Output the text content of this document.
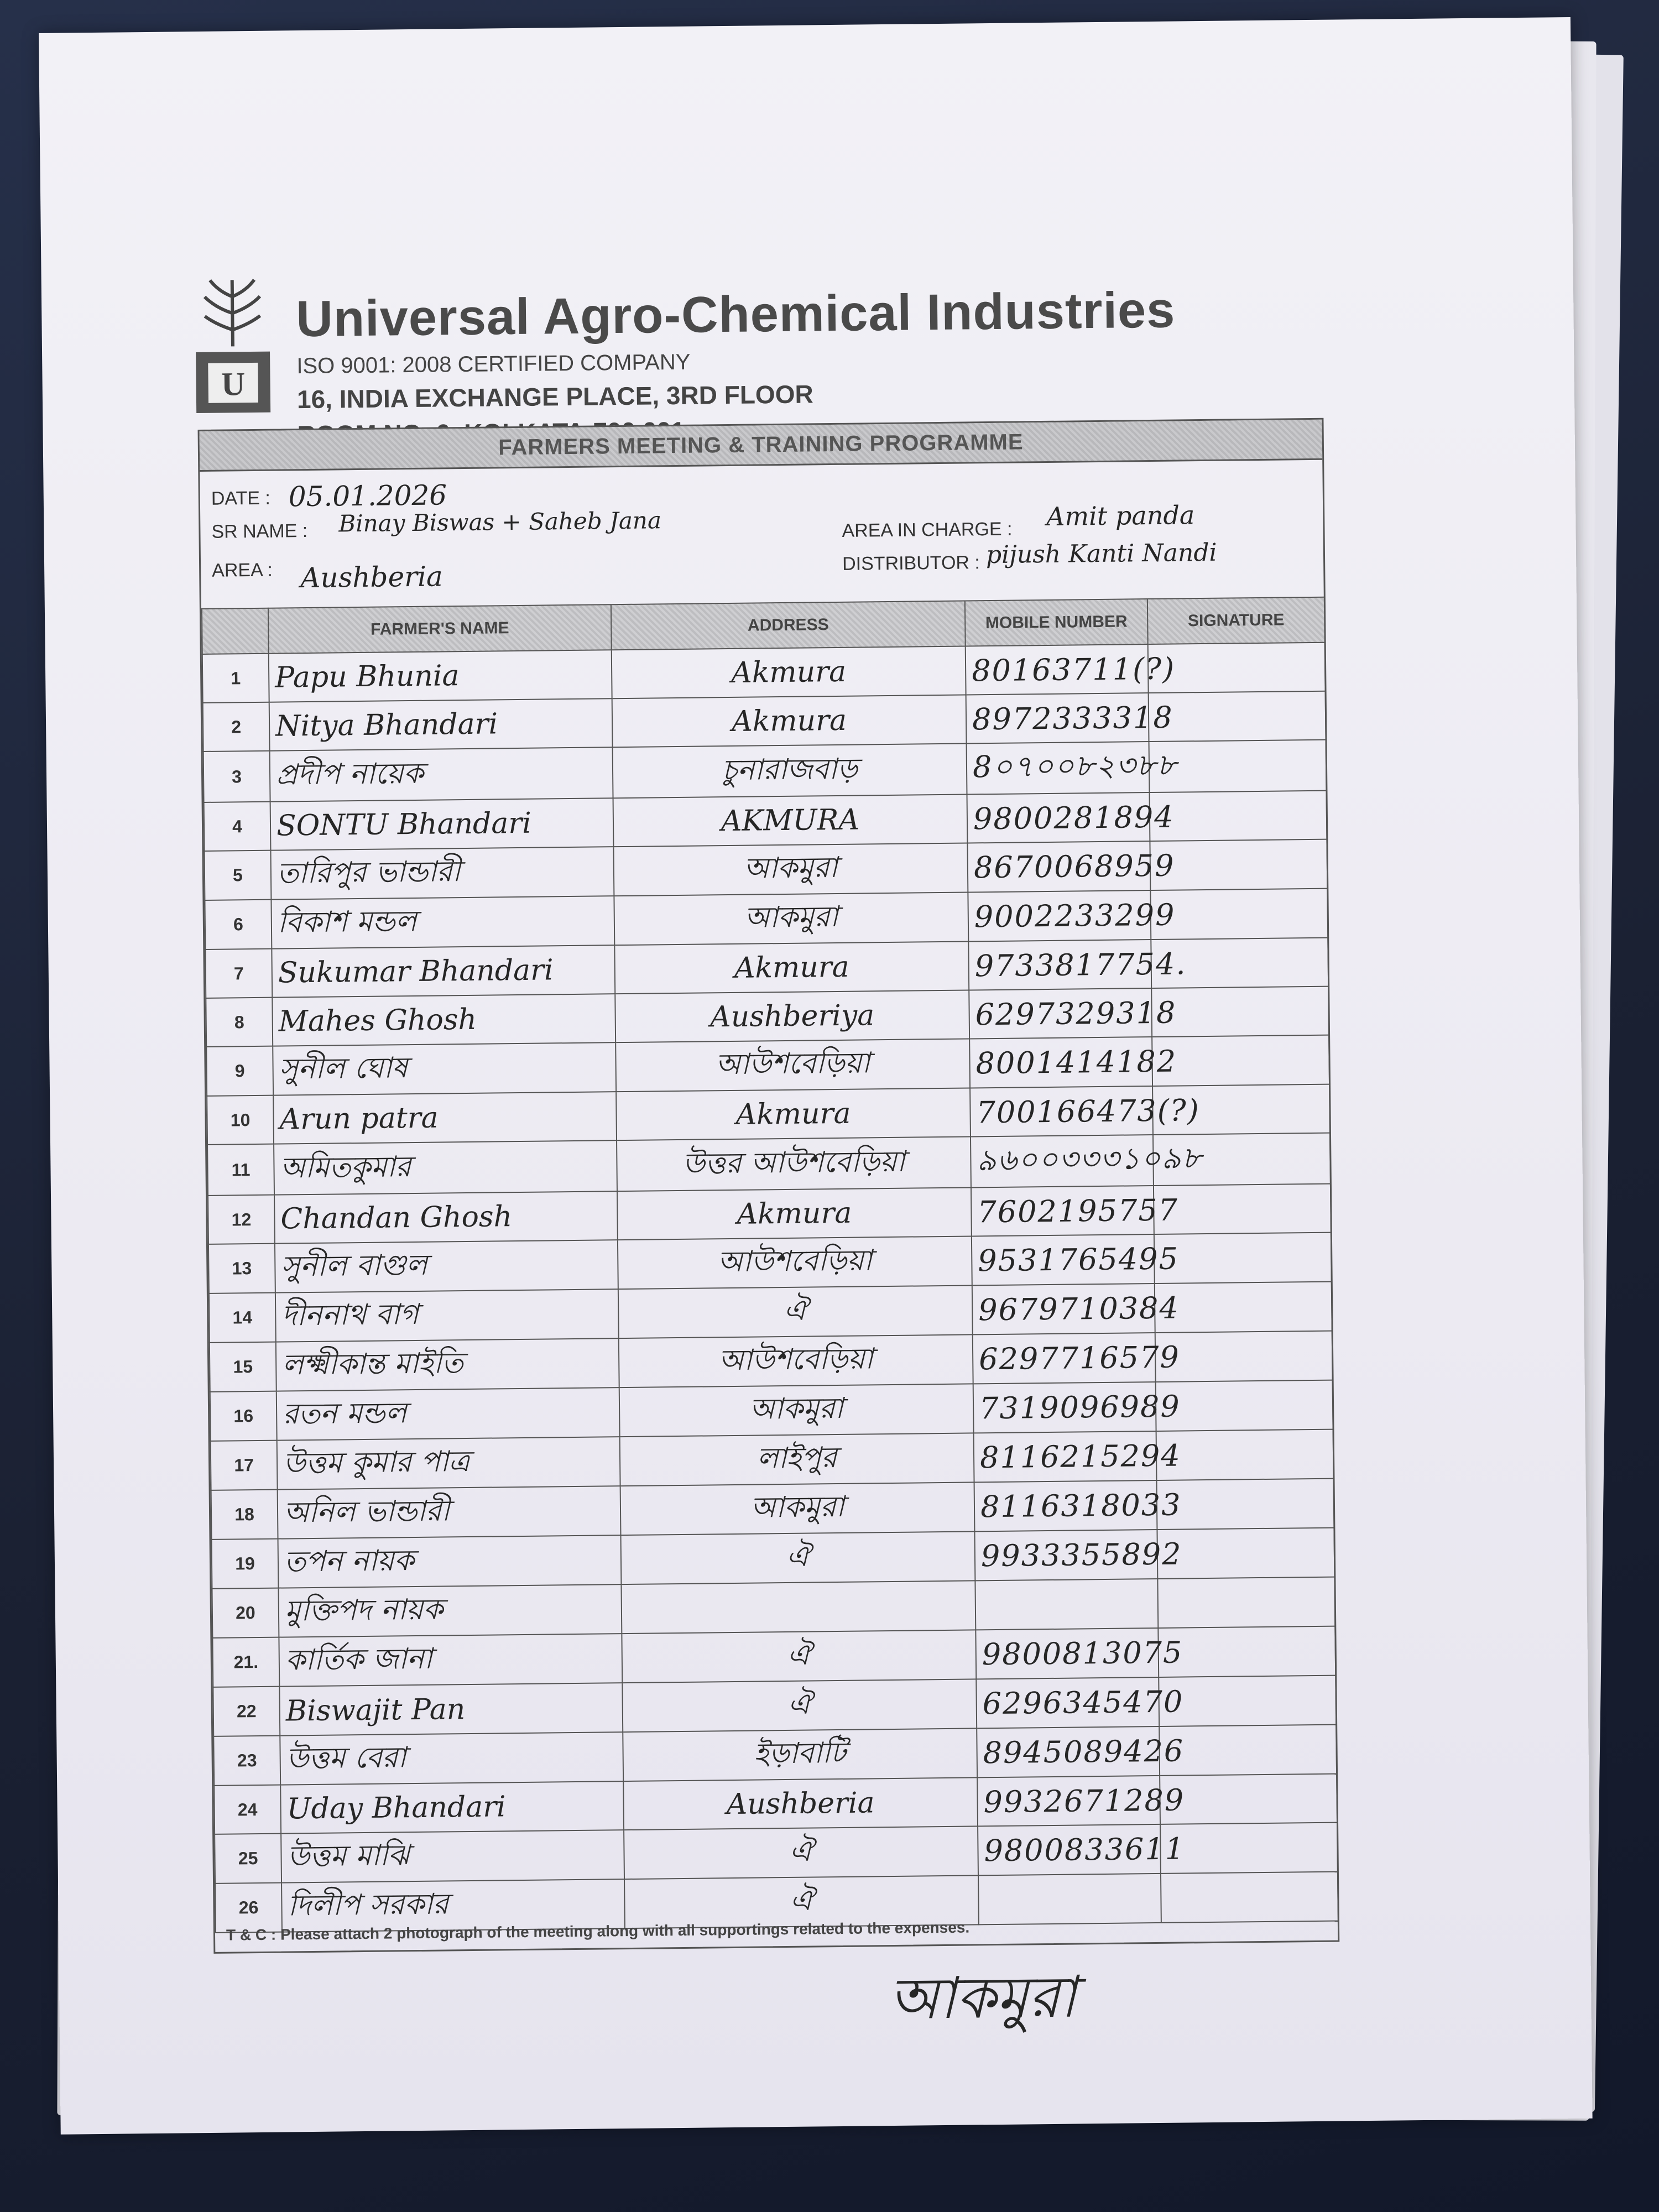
U
Universal Agro-Chemical Industries
ISO 9001: 2008 CERTIFIED COMPANY
16, INDIA EXCHANGE PLACE, 3RD FLOOR
FARMERS MEETING & TRAINING PROGRAMME
DATE : 05.01.2026
SR NAME : Binay Biswas + Saheb Jana
AREA : Aushberia
AREA IN CHARGE : Amit panda
DISTRIBUTOR : pijush Kanti Nandi
	FARMER'S NAME	ADDRESS	MOBILE NUMBER	SIGNATURE
1	Papu Bhunia	Akmura	80163711(?)	
2	Nitya Bhandari	Akmura	8972333318	
3	প্রদীপ নায়েক	চুনারাজবাড়	8০৭০০৮২৩৮৮	
4	SONTU Bhandari	AKMURA	9800281894	
5	তারিপুর ভান্ডারী	আকমুরা	8670068959	
6	বিকাশ মন্ডল	আকমুরা	9002233299	
7	Sukumar Bhandari	Akmura	9733817754.	
8	Mahes Ghosh	Aushberiya	6297329318	
9	সুনীল ঘোষ	আউশবেড়িয়া	8001414182	
10	Arun patra	Akmura	700166473(?)	
11	অমিতকুমার	উত্তর আউশবেড়িয়া	৯৬০০৩৩৩১০৯৮	
12	Chandan Ghosh	Akmura	7602195757	
13	সুনীল বাগুল	আউশবেড়িয়া	9531765495	
14	দীননাথ বাগ	ঐ	9679710384	
15	লক্ষ্মীকান্ত মাইতি	আউশবেড়িয়া	6297716579	
16	রতন মন্ডল	আকমুরা	7319096989	
17	উত্তম কুমার পাত্র	লাইপুর	8116215294	
18	অনিল ভান্ডারী	আকমুরা	8116318033	
19	তপন নায়ক	ঐ	9933355892	
20	মুক্তিপদ নায়ক			
21.	কার্তিক জানা	ঐ	9800813075	
22	Biswajit Pan	ঐ	6296345470	
23	উত্তম বেরা	ইড়াবাটি	8945089426	
24	Uday Bhandari	Aushberia	9932671289	
25	উত্তম মাঝি	ঐ	9800833611	
26	দিলীপ সরকার	ঐ		
T & C : Please attach 2 photograph of the meeting along with all supportings related to the expenses.
আকমুরা
